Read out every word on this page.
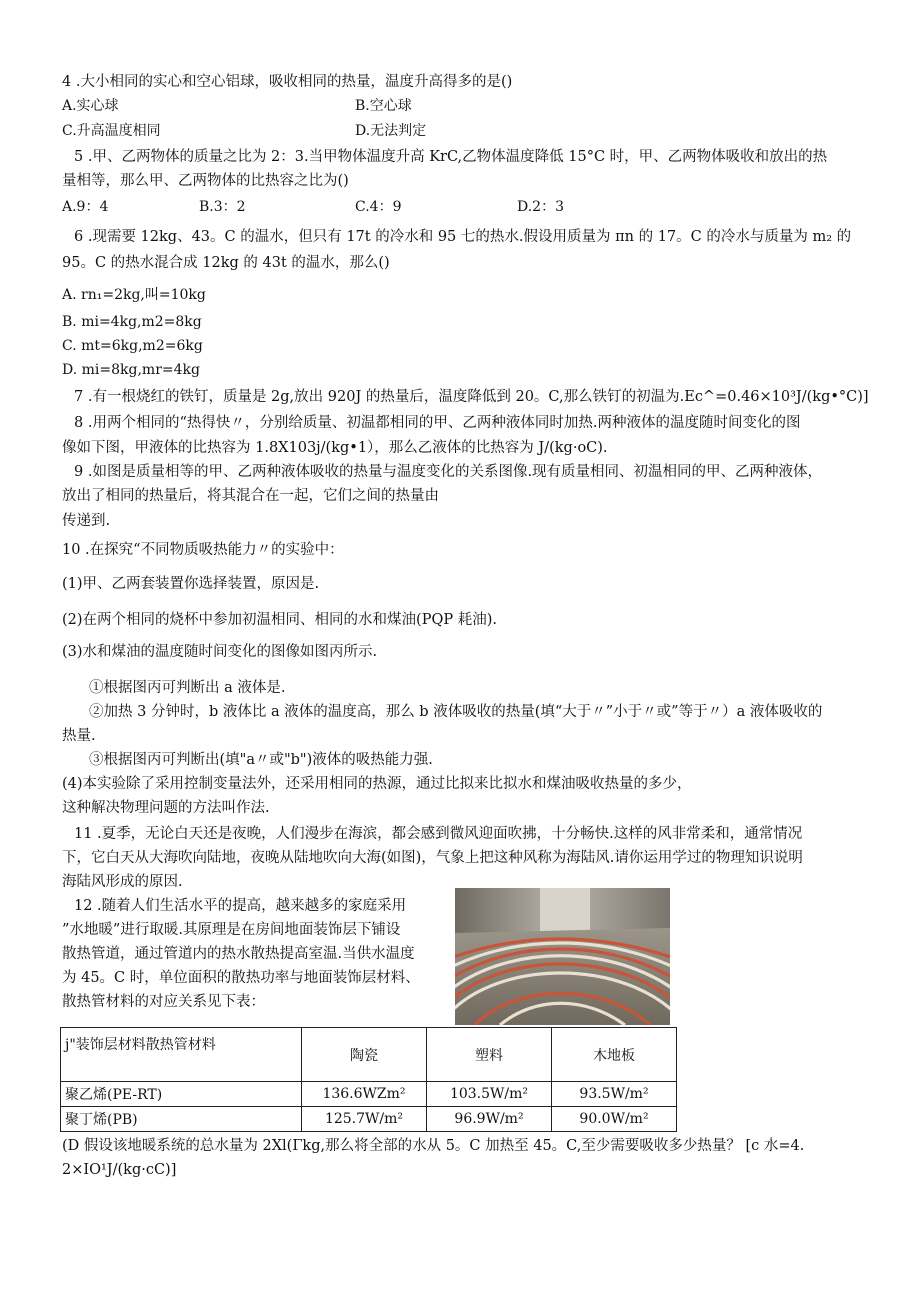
4 .大小相同的实心和空心铝球，吸收相同的热量，温度升高得多的是()
A.实心球	B.空心球
C.升高温度相同	D.无法判定
5 .甲、乙两物体的质量之比为 2：3.当甲物体温度升高 KrC,乙物体温度降低 15°C 时，甲、乙两物体吸收和放出的热
量相等，那么甲、乙两物体的比热容之比为()
A.9：4	B.3：2	C.4：9	D.2：3
6 .现需要 12kg、43。C 的温水，但只有 17t 的冷水和 95 七的热水.假设用质量为 πn 的 17。C 的冷水与质量为 m₂ 的
95。C 的热水混合成 12kg 的 43t 的温水，那么()
A. rn₁=2kg,叫=10kg
B. mi=4kg,m2=8kg
C. mt=6kg,m2=6kg
D. mi=8kg,mr=4kg
7 .有一根烧红的铁钉，质量是 2g,放出 920J 的热量后，温度降低到 20。C,那么铁钉的初温为.Ec^=0.46×10³J/(kg•°C)]
8 .用两个相同的“热得快〃，分别给质量、初温都相同的甲、乙两种液体同时加热.两种液体的温度随时间变化的图
像如下图，甲液体的比热容为 1.8X103j/(kg•1），那么乙液体的比热容为 J/(kg·oC).
9 .如图是质量相等的甲、乙两种液体吸收的热量与温度变化的关系图像.现有质量相同、初温相同的甲、乙两种液体，
放出了相同的热量后，将其混合在一起，它们之间的热量由
传递到.
10 .在探究“不同物质吸热能力〃的实验中：
(1)甲、乙两套装置你选择装置，原因是.
(2)在两个相同的烧杯中参加初温相同、相同的水和煤油(PQP 耗油).
(3)水和煤油的温度随时间变化的图像如图丙所示.
①根据图丙可判断出 a 液体是.
②加热 3 分钟时，b 液体比 a 液体的温度高，那么 b 液体吸收的热量(填“大于〃”小于〃或”等于〃）a 液体吸收的
热量.
③根据图丙可判断出(填"a〃或"b")液体的吸热能力强.
(4)本实验除了采用控制变量法外，还采用相同的热源，通过比拟来比拟水和煤油吸收热量的多少，
这种解决物理问题的方法叫作法.
11 .夏季，无论白天还是夜晚，人们漫步在海滨，都会感到微风迎面吹拂，十分畅快.这样的风非常柔和，通常情况
下，它白天从大海吹向陆地，夜晚从陆地吹向大海(如图)，气象上把这种风称为海陆风.请你运用学过的物理知识说明
海陆风形成的原因.
12 .随着人们生活水平的提高，越来越多的家庭采用
”水地暖”进行取暖.其原理是在房间地面装饰层下铺设
散热管道，通过管道内的热水散热提高室温.当供水温度
为 45。C 时，单位面积的散热功率与地面装饰层材料、
散热管材料的对应关系见下表：
j"装饰层材料散热管材料	陶瓷	塑料	木地板
聚乙烯(PE-RT)	136.6WZm²	103.5W/m²	93.5W/m²
聚丁烯(PB)	125.7W/m²	96.9W/m²	90.0W/m²
(D 假设该地暖系统的总水量为 2Xl(Γkg,那么将全部的水从 5。C 加热至 45。C,至少需要吸收多少热量？ [c 水=4.
2×IO¹J/(kg·cC)]
